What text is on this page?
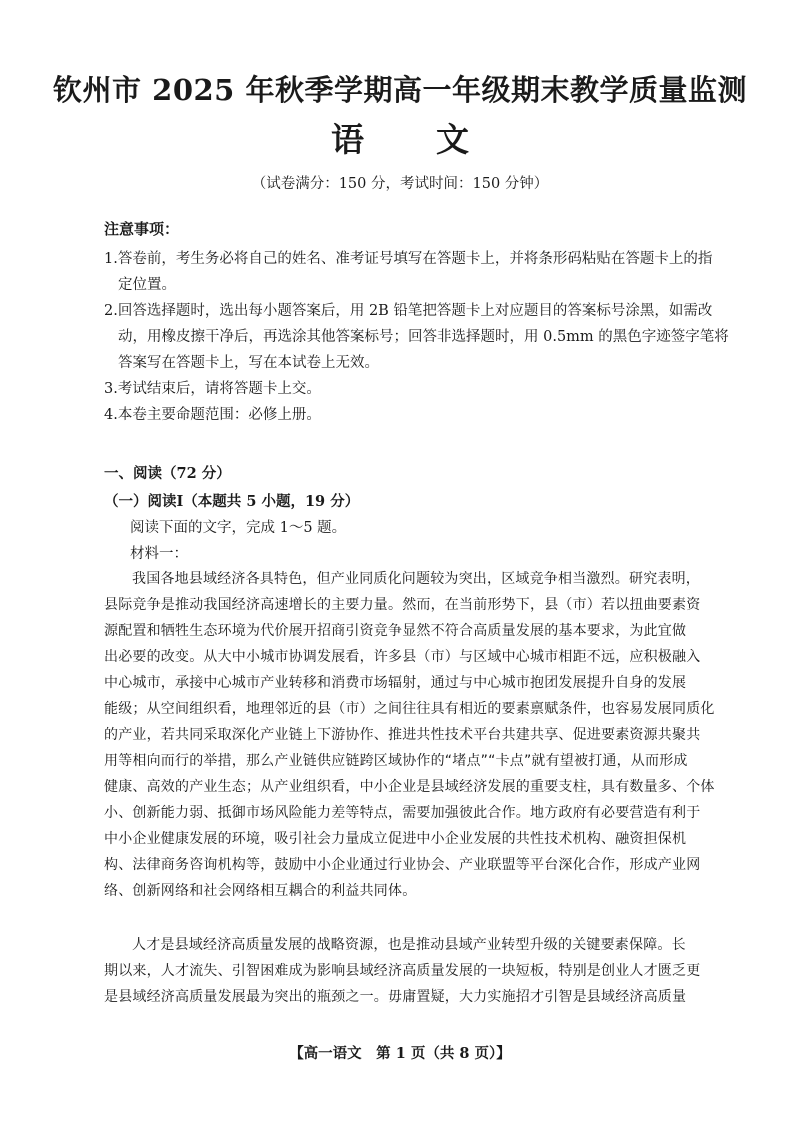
钦州市 2025 年秋季学期高一年级期末教学质量监测
语 文
（试卷满分：150 分，考试时间：150 分钟）
注意事项：
1.答卷前，考生务必将自己的姓名、准考证号填写在答题卡上，并将条形码粘贴在答题卡上的指
定位置。
2.回答选择题时，选出每小题答案后，用 2B 铅笔把答题卡上对应题目的答案标号涂黑，如需改
动，用橡皮擦干净后，再选涂其他答案标号；回答非选择题时，用 0.5mm 的黑色字迹签字笔将
答案写在答题卡上，写在本试卷上无效。
3.考试结束后，请将答题卡上交。
4.本卷主要命题范围：必修上册。
一、阅读（72 分）
（一）阅读Ⅰ（本题共 5 小题，19 分）
阅读下面的文字，完成 1～5 题。
材料一：
我国各地县域经济各具特色，但产业同质化问题较为突出，区域竞争相当激烈。研究表明，
县际竞争是推动我国经济高速增长的主要力量。然而，在当前形势下，县（市）若以扭曲要素资
源配置和牺牲生态环境为代价展开招商引资竞争显然不符合高质量发展的基本要求，为此宜做
出必要的改变。从大中小城市协调发展看，许多县（市）与区域中心城市相距不远，应积极融入
中心城市，承接中心城市产业转移和消费市场辐射，通过与中心城市抱团发展提升自身的发展
能级；从空间组织看，地理邻近的县（市）之间往往具有相近的要素禀赋条件，也容易发展同质化
的产业，若共同采取深化产业链上下游协作、推进共性技术平台共建共享、促进要素资源共聚共
用等相向而行的举措，那么产业链供应链跨区域协作的“堵点”“卡点”就有望被打通，从而形成
健康、高效的产业生态；从产业组织看，中小企业是县域经济发展的重要支柱，具有数量多、个体
小、创新能力弱、抵御市场风险能力差等特点，需要加强彼此合作。地方政府有必要营造有利于
中小企业健康发展的环境，吸引社会力量成立促进中小企业发展的共性技术机构、融资担保机
构、法律商务咨询机构等，鼓励中小企业通过行业协会、产业联盟等平台深化合作，形成产业网
络、创新网络和社会网络相互耦合的利益共同体。
人才是县域经济高质量发展的战略资源，也是推动县域产业转型升级的关键要素保障。长
期以来，人才流失、引智困难成为影响县域经济高质量发展的一块短板，特别是创业人才匮乏更
是县域经济高质量发展最为突出的瓶颈之一。毋庸置疑，大力实施招才引智是县域经济高质量
【高一语文　第 1 页（共 8 页）】
